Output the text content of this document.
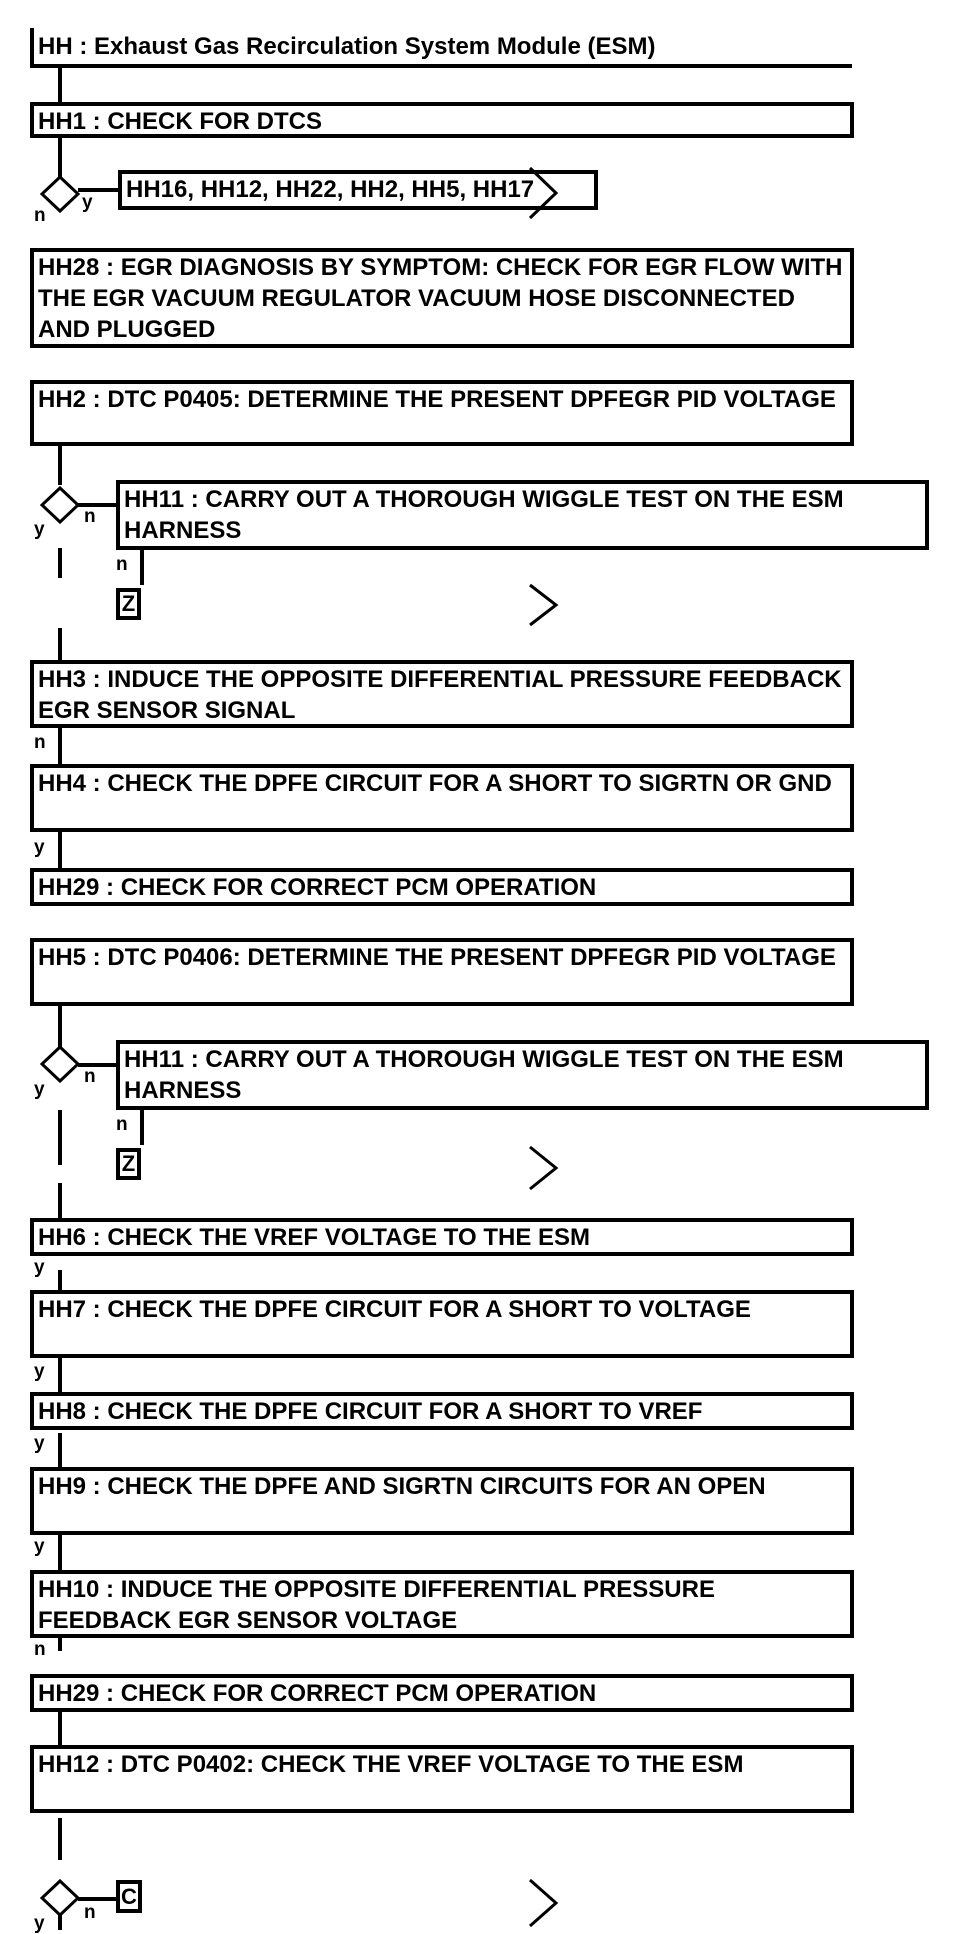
HH : Exhaust Gas Recirculation System Module (ESM)
HH1 : CHECK FOR DTCS
HH16, HH12, HH22, HH2, HH5, HH17
HH28 : EGR DIAGNOSIS BY SYMPTOM: CHECK FOR EGR FLOW WITH THE EGR VACUUM REGULATOR VACUUM HOSE DISCONNECTED AND PLUGGED
HH2 : DTC P0405: DETERMINE THE PRESENT DPFEGR PID VOLTAGE
HH11 : CARRY OUT A THOROUGH WIGGLE TEST ON THE ESM HARNESS
HH3 : INDUCE THE OPPOSITE DIFFERENTIAL PRESSURE FEEDBACK EGR SENSOR SIGNAL
HH4 : CHECK THE DPFE CIRCUIT FOR A SHORT TO SIGRTN OR GND
HH29 : CHECK FOR CORRECT PCM OPERATION
HH5 : DTC P0406: DETERMINE THE PRESENT DPFEGR PID VOLTAGE
HH11 : CARRY OUT A THOROUGH WIGGLE TEST ON THE ESM HARNESS
HH6 : CHECK THE VREF VOLTAGE TO THE ESM
HH7 : CHECK THE DPFE CIRCUIT FOR A SHORT TO VOLTAGE
HH8 : CHECK THE DPFE CIRCUIT FOR A SHORT TO VREF
HH9 : CHECK THE DPFE AND SIGRTN CIRCUITS FOR AN OPEN
HH10 : INDUCE THE OPPOSITE DIFFERENTIAL PRESSURE FEEDBACK EGR SENSOR VOLTAGE
HH29 : CHECK FOR CORRECT PCM OPERATION
HH12 : DTC P0402: CHECK THE VREF VOLTAGE TO THE ESM
Z
Z
C
n
y
y
n
n
n
y
y
n
n
y
y
y
y
n
y
n
